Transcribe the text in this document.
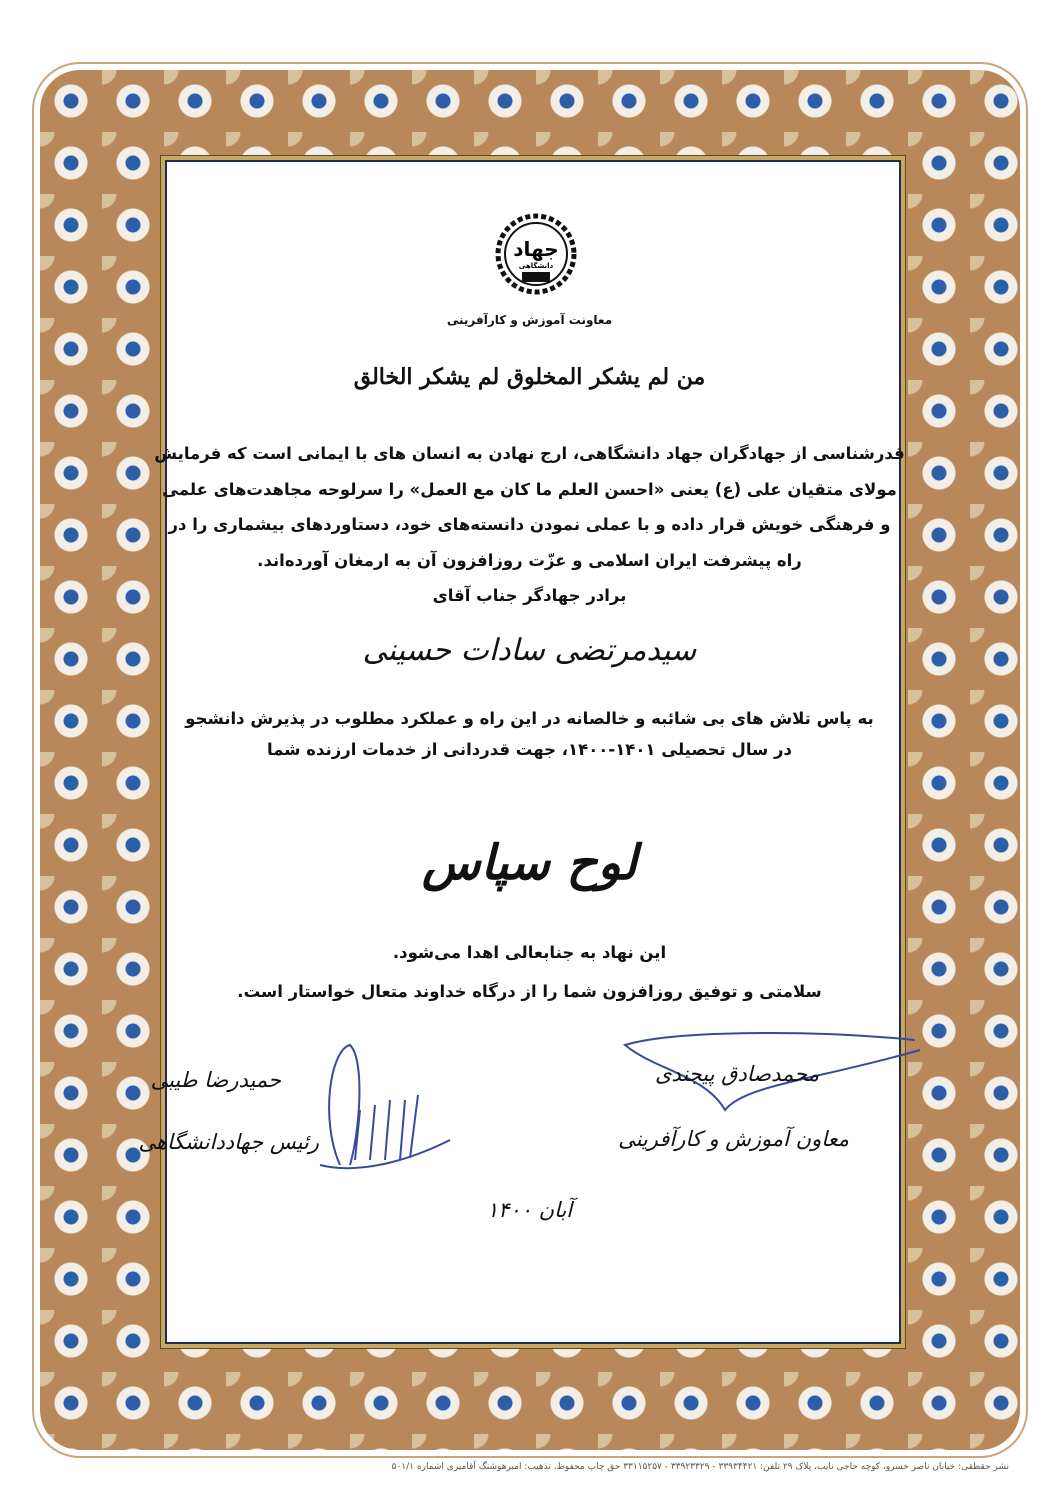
جهاد
دانشگاهی
معاونت آموزش و کارآفرینی
من لم یشکر المخلوق لم یشکر الخالق
قدرشناسی از جهادگران جهاد دانشگاهی، ارج نهادن به انسان های با ایمانی است که فرمایش
مولای متقیان علی (ع) یعنی «احسن العلم ما کان مع العمل» را سرلوحه مجاهدت‌های علمی
و فرهنگی خویش قرار داده و با عملی نمودن دانسته‌های خود، دستاوردهای بیشماری را در
راه پیشرفت ایران اسلامی و عزّت روزافزون آن به ارمغان آورده‌اند.
برادر جهادگر جناب آقای
سیدمرتضی سادات حسینی
به پاس تلاش های بی شائبه و خالصانه در این راه و عملکرد مطلوب در پذیرش دانشجو
در سال تحصیلی ۱۴۰۱-۱۴۰۰، جهت قدردانی از خدمات ارزنده شما
لوح سپاس
این نهاد به جنابعالی اهدا می‌شود.
سلامتی و توفیق روزافزون شما را از درگاه خداوند متعال خواستار است.
حمیدرضا طیبی
رئیس جهاددانشگاهی
محمدصادق پیجندی
معاون آموزش و کارآفرینی
آبان ۱۴۰۰
نشر حقطقی: خیابان ناصر خسرو، کوچه حاجی نایب، پلاک ۲۹ تلفن: ۳۳۹۳۴۴۲۱ - ۳۳۹۲۳۳۲۹ - ۳۳۱۱۵۲۵۷ حق چاپ محفوظ. تذهیب: امیرهوشنگ آقامیری اشماره ۵۰۱/۱
